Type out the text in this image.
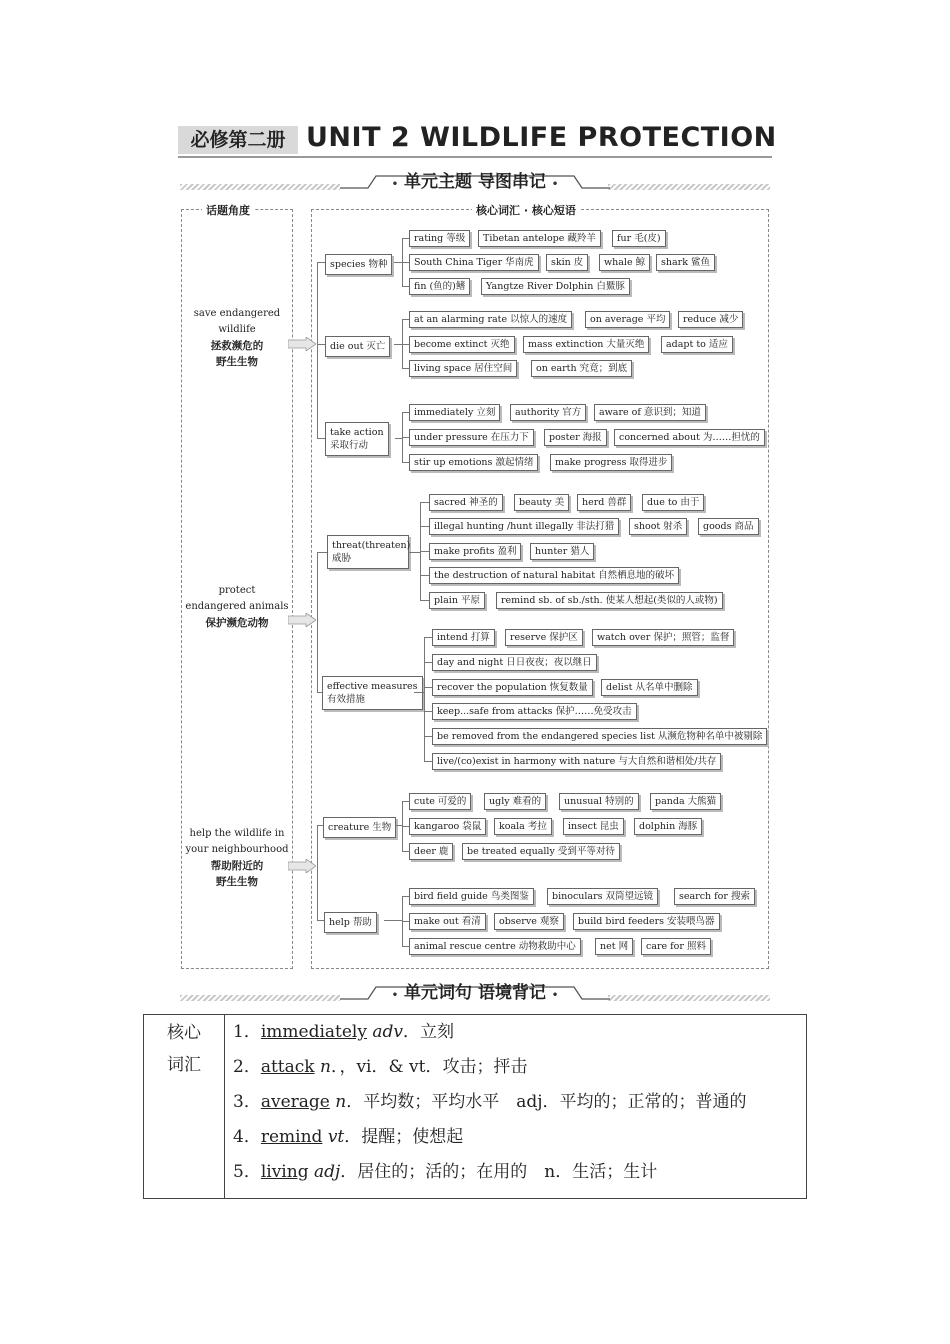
必修第二册 UNIT 2 WILDLIFE PROTECTION
• 单元主题 导图串记 •
话题角度	核心词汇 · 核心短语
save endangered
wildlife
拯救濒危的
野生生物
protect
endangered animals
保护濒危动物
help the wildlife in
your neighbourhood
帮助附近的
野生生物
species 物种
rating 等级	Tibetan antelope 藏羚羊	fur 毛(皮)
South China Tiger 华南虎	skin 皮	whale 鲸	shark 鲨鱼
fin (鱼的)鳍	Yangtze River Dolphin 白鱀豚
die out 灭亡
at an alarming rate 以惊人的速度	on average 平均	reduce 减少
become extinct 灭绝	mass extinction 大量灭绝	adapt to 适应
living space 居住空间	on earth 究竟；到底
take action
采取行动
immediately 立刻	authority 官方	aware of 意识到；知道
under pressure 在压力下	poster 海报	concerned about 为……担忧的
stir up emotions 激起情绪	make progress 取得进步
threat(threaten)
威胁
sacred 神圣的	beauty 美	herd 兽群	due to 由于
illegal hunting /hunt illegally 非法打猎	shoot 射杀	goods 商品
make profits 盈利	hunter 猎人
the destruction of natural habitat 自然栖息地的破坏
plain 平原	remind sb. of sb./sth. 使某人想起(类似的人或物)
effective measures
有效措施
intend 打算	reserve 保护区	watch over 保护；照管；监督
day and night 日日夜夜；夜以继日
recover the population 恢复数量	delist 从名单中删除
keep...safe from attacks 保护……免受攻击
be removed from the endangered species list 从濒危物种名单中被剔除
live/(co)exist in harmony with nature 与大自然和谐相处/共存
creature 生物
cute 可爱的	ugly 难看的	unusual 特别的	panda 大熊猫
kangaroo 袋鼠	koala 考拉	insect 昆虫	dolphin 海豚
deer 鹿	be treated equally 受到平等对待
help 帮助
bird field guide 鸟类图鉴	binoculars 双筒望远镜	search for 搜索
make out 看清	observe 观察	build bird feeders 安装喂鸟器
animal rescue centre 动物救助中心	net 网	care for 照料
• 单元词句 语境背记 •
核心
词汇

1．immediately adv．立刻
2．attack n．，vi．& vt．攻击；抨击
3．average n．平均数；平均水平　adj．平均的；正常的；普通的
4．remind vt．提醒；使想起
5．living adj．居住的；活的；在用的　n．生活；生计
